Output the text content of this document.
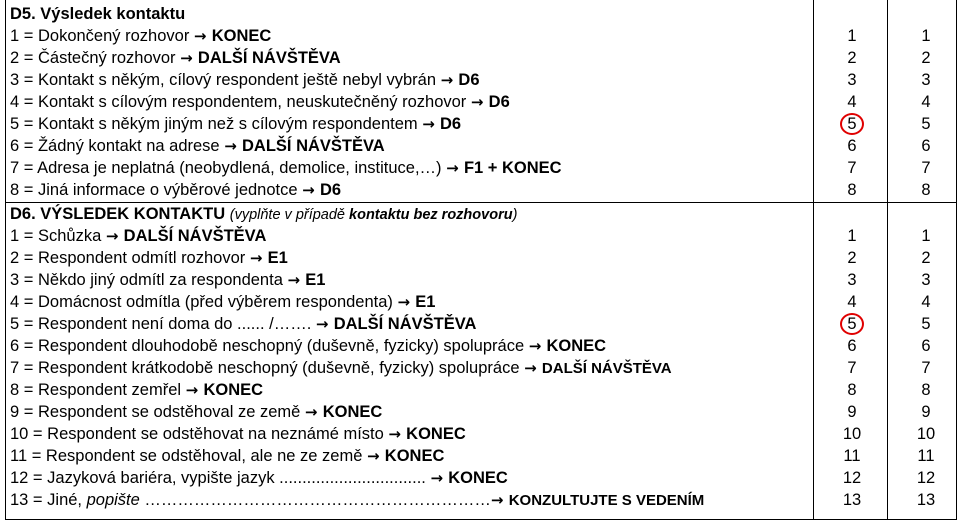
D5. Výsledek kontaktu
1 = Dokončený rozhovor → KONEC	1	1
2 = Částečný rozhovor → DALŠÍ NÁVŠTĚVA	2	2
3 = Kontakt s někým, cílový respondent ještě nebyl vybrán → D6	3	3
4 = Kontakt s cílovým respondentem, neuskutečněný rozhovor → D6	4	4
5 = Kontakt s někým jiným než s cílovým respondentem → D6	5	5
6 = Žádný kontakt na adrese → DALŠÍ NÁVŠTĚVA	6	6
7 = Adresa je neplatná (neobydlená, demolice, instituce,…) → F1 + KONEC	7	7
8 = Jiná informace o výběrové jednotce → D6	8	8
D6. VÝSLEDEK KONTAKTU (vyplňte v případě kontaktu bez rozhovoru)
1 = Schůzka → DALŠÍ NÁVŠTĚVA	1	1
2 = Respondent odmítl rozhovor → E1	2	2
3 = Někdo jiný odmítl za respondenta → E1	3	3
4 = Domácnost odmítla (před výběrem respondenta) → E1	4	4
5 = Respondent není doma do ...... /……. → DALŠÍ NÁVŠTĚVA	5	5
6 = Respondent dlouhodobě neschopný (duševně, fyzicky) spolupráce → KONEC	6	6
7 = Respondent krátkodobě neschopný (duševně, fyzicky) spolupráce → DALŠÍ NÁVŠTĚVA	7	7
8 = Respondent zemřel → KONEC	8	8
9 = Respondent se odstěhoval ze země → KONEC	9	9
10 = Respondent se odstěhovat na neznámé místo → KONEC	10	10
11 = Respondent se odstěhoval, ale ne ze země → KONEC	11	11
12 = Jazyková bariéra, vypište jazyk ................................ → KONEC	12	12
13 = Jiné, popište ………………………………………………………→ KONZULTUJTE S VEDENÍM	13	13
